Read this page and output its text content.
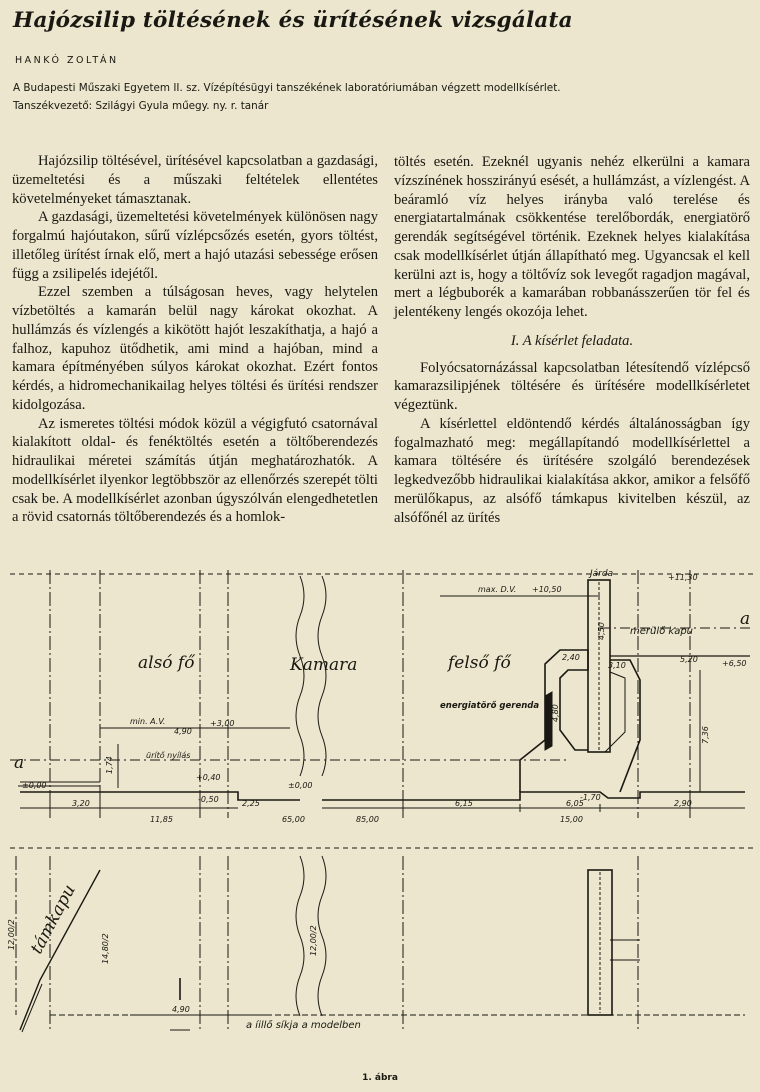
Hajózsilip töltésének és ürítésének vizsgálata
HANKÓ ZOLTÁN
A Budapesti Műszaki Egyetem II. sz. Vízépítésügyi tanszékének laboratóriumában végzett modellkísérlet.
Tanszékvezető: Szilágyi Gyula műegy. ny. r. tanár

Hajózsilip töltésével, ürítésével kapcsolatban a gazdasági, üzemeltetési és a műszaki feltételek ellentétes követelményeket támasztanak.

A gazdasági, üzemeltetési követelmények különösen nagy forgalmú hajóutakon, sűrű vízlépcsőzés esetén, gyors töltést, illetőleg ürítést írnak elő, mert a hajó utazási sebessége erősen függ a zsilipelés idejétől.

Ezzel szemben a túlságosan heves, vagy helytelen vízbetöltés a kamarán belül nagy károkat okozhat. A hullámzás és vízlengés a kikötött hajót leszakíthatja, a hajó a falhoz, kapuhoz ütődhetik, ami mind a hajóban, mind a kamara építményében súlyos károkat okozhat. Ezért fontos kérdés, a hidromechanikailag helyes töltési és ürítési rendszer kidolgozása.

Az ismeretes töltési módok közül a végigfutó csatornával kialakított oldal- és fenéktöltés esetén a töltőberendezés hidraulikai méretei számítás útján meghatározhatók. A modellkísérlet ilyenkor legtöbbször az ellenőrzés szerepét tölti csak be. A modellkísérlet azonban úgyszólván elengedhetetlen a rövid csatornás töltőberendezés és a homlok-

töltés esetén. Ezeknél ugyanis nehéz elkerülni a kamara vízszínének hosszirányú esését, a hullámzást, a vízlengést. A beáramló víz helyes irányba való terelése és energiatartalmának csökkentése terelőbordák, energiatörő gerendák segítségével történik. Ezeknek helyes kialakítása csak modellkísérlet útján állapítható meg. Ugyancsak el kell kerülni azt is, hogy a töltővíz sok levegőt ragadjon magával, mert a légbuborék a kamarában robbanásszerűen tör fel és jelentékeny lengés okozója lehet.

I. A kísérlet feladata.

Folyócsatornázással kapcsolatban létesítendő vízlépcső kamarazsilipjének töltésére és ürítésére modellkísérletet végeztünk.

A kísérlettel eldöntendő kérdés általánosságban így fogalmazható meg: megállapítandó modellkísérlettel a kamara töltésére és ürítésére szolgáló berendezések legkedvezőbb hidraulikai kialakítása akkor, amikor a felsőfő merülőkapus, az alsófő támkapus kivitelben készül, az alsófőnél az ürítés

alsó fő	Kamara	felső fő
támkapu
Járda
merülő kapu
energiatörő gerenda
ürítő nyílás
a íillő síkja a modelben
a
a
max. D.V. +10,50
+11,30
+6,50
min. A.V.	+3,00
+0,40
±0,00	±0,00
-0,50	-1,70
4,90
1,74
3,20
11,85
2,25
65,00	85,00
6,15
15,00
6,05	2,90
2,40
3,10
5,20
4,50
4,80
7,36
12,00/2	14,80/2	12,00/2
4,90
1. ábra
